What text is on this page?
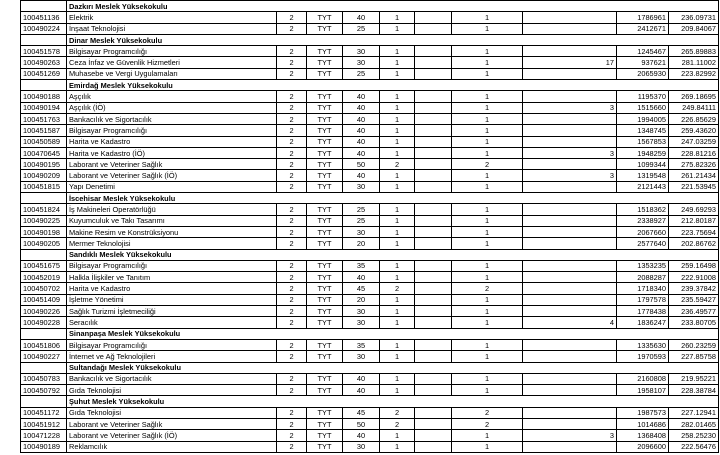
	Dazkırı Meslek Yüksekokulu									
100451136	Elektrik	2	TYT	40	1		1		1786961	236.09731
100490224	İnşaat Teknolojisi	2	TYT	25	1		1		2412671	209.84067
	Dinar Meslek Yüksekokulu									
100451578	Bilgisayar Programcılığı	2	TYT	30	1		1		1245467	265.89883
100490263	Ceza İnfaz ve Güvenlik Hizmetleri	2	TYT	30	1		1	17	937621	281.11002
100451269	Muhasebe ve Vergi Uygulamaları	2	TYT	25	1		1		2065930	223.82992
	Emirdağ Meslek Yüksekokulu									
100490188	Aşçılık	2	TYT	40	1		1		1195370	269.18695
100490194	Aşçılık (İÖ)	2	TYT	40	1		1	3	1515660	249.84111
100451763	Bankacılık ve Sigortacılık	2	TYT	40	1		1		1994005	226.85629
100451587	Bilgisayar Programcılığı	2	TYT	40	1		1		1348745	259.43620
100450589	Harita ve Kadastro	2	TYT	40	1		1		1567853	247.03259
100470645	Harita ve Kadastro (İÖ)	2	TYT	40	1		1	3	1948259	228.81216
100490195	Laborant ve Veteriner Sağlık	2	TYT	50	2		2		1099344	275.82326
100490209	Laborant ve Veteriner Sağlık (İÖ)	2	TYT	40	1		1	3	1319548	261.21434
100451815	Yapı Denetimi	2	TYT	30	1		1		2121443	221.53945
	İscehisar Meslek Yüksekokulu									
100451824	İş Makineleri Operatörlüğü	2	TYT	25	1		1		1518362	249.69293
100490225	Kuyumculuk ve Takı Tasarımı	2	TYT	25	1		1		2338927	212.80187
100490198	Makine Resim ve Konstrüksiyonu	2	TYT	30	1		1		2067660	223.75694
100490205	Mermer Teknolojisi	2	TYT	20	1		1		2577640	202.86762
	Sandıklı Meslek Yüksekokulu									
100451675	Bilgisayar Programcılığı	2	TYT	35	1		1		1353235	259.16498
100452019	Halkla İlişkiler ve Tanıtım	2	TYT	40	1		1		2088287	222.91008
100450702	Harita ve Kadastro	2	TYT	45	2		2		1718340	239.37842
100451409	İşletme Yönetimi	2	TYT	20	1		1		1797578	235.59427
100490226	Sağlık Turizmi İşletmeciliği	2	TYT	30	1		1		1778438	236.49577
100490228	Seracılık	2	TYT	30	1		1	4	1836247	233.80705
	Sinanpaşa Meslek Yüksekokulu									
100451806	Bilgisayar Programcılığı	2	TYT	35	1		1		1335630	260.23259
100490227	İnternet ve Ağ Teknolojileri	2	TYT	30	1		1		1970593	227.85758
	Sultandağı Meslek Yüksekokulu									
100450783	Bankacılık ve Sigortacılık	2	TYT	40	1		1		2160808	219.95221
100450792	Gıda Teknolojisi	2	TYT	40	1		1		1958107	228.38784
	Şuhut Meslek Yüksekokulu									
100451172	Gıda Teknolojisi	2	TYT	45	2		2		1987573	227.12941
100451912	Laborant ve Veteriner Sağlık	2	TYT	50	2		2		1014686	282.01465
100471228	Laborant ve Veteriner Sağlık (İÖ)	2	TYT	40	1		1	3	1368408	258.25230
100490189	Reklamcılık	2	TYT	30	1		1		2096600	222.56476
